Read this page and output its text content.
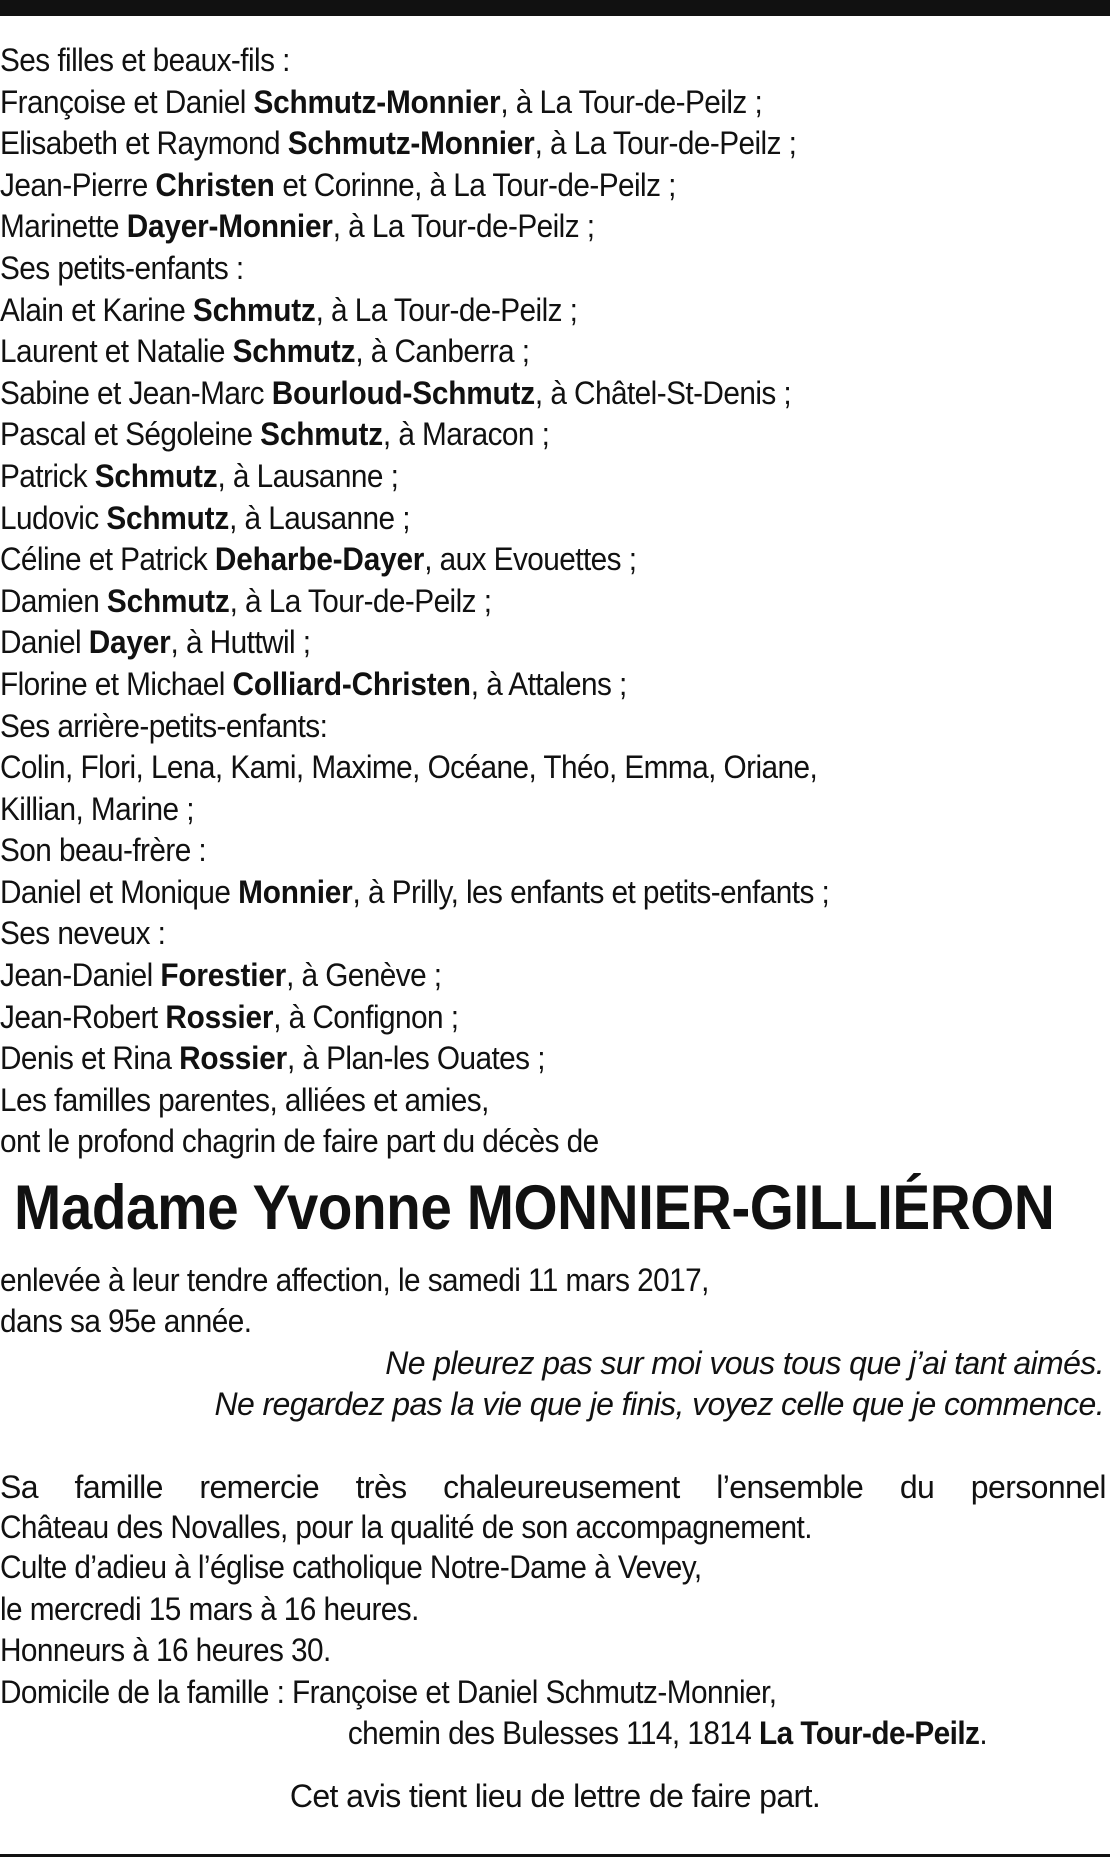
Ses filles et beaux-fils :
Françoise et Daniel Schmutz-Monnier, à La Tour-de-Peilz ;
Elisabeth et Raymond Schmutz-Monnier, à La Tour-de-Peilz ;
Jean-Pierre Christen et Corinne, à La Tour-de-Peilz ;
Marinette Dayer-Monnier, à La Tour-de-Peilz ;
Ses petits-enfants :
Alain et Karine Schmutz, à La Tour-de-Peilz ;
Laurent et Natalie Schmutz, à Canberra ;
Sabine et Jean-Marc Bourloud-Schmutz, à Châtel-St-Denis ;
Pascal et Ségoleine Schmutz, à Maracon ;
Patrick Schmutz, à Lausanne ;
Ludovic Schmutz, à Lausanne ;
Céline et Patrick Deharbe-Dayer, aux Evouettes ;
Damien Schmutz, à La Tour-de-Peilz ;
Daniel Dayer, à Huttwil ;
Florine et Michael Colliard-Christen, à Attalens ;
Ses arrière-petits-enfants:
Colin, Flori, Lena, Kami, Maxime, Océane, Théo, Emma, Oriane,
Killian, Marine ;
Son beau-frère :
Daniel et Monique Monnier, à Prilly, les enfants et petits-enfants ;
Ses neveux :
Jean-Daniel Forestier, à Genève ;
Jean-Robert Rossier, à Confignon ;
Denis et Rina Rossier, à Plan-les Ouates ;
Les familles parentes, alliées et amies,
ont le profond chagrin de faire part du décès de
Madame Yvonne MONNIER-GILLIÉRON
enlevée à leur tendre affection, le samedi 11 mars 2017,
dans sa 95e année.
Ne pleurez pas sur moi vous tous que j’ai tant aimés.
Ne regardez pas la vie que je finis, voyez celle que je commence.
Sa famille remercie très chaleureusement l’ensemble du personnel
Château des Novalles, pour la qualité de son accompagnement.
Culte d’adieu à l’église catholique Notre-Dame à Vevey,
le mercredi 15 mars à 16 heures.
Honneurs à 16 heures 30.
Domicile de la famille : Françoise et Daniel Schmutz-Monnier,
chemin des Bulesses 114, 1814 La Tour-de-Peilz.
Cet avis tient lieu de lettre de faire part.
